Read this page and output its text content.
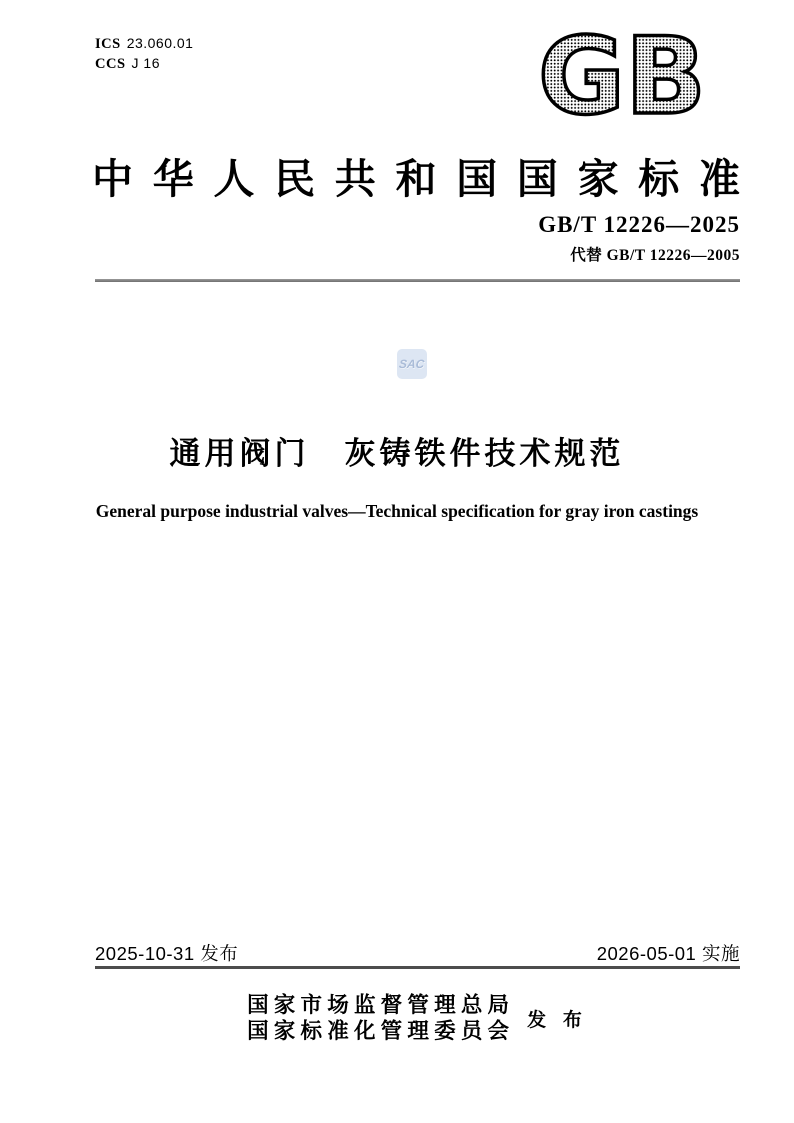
ICS 23.060.01
CCS J 16	GB
中华人民共和国国家标准
GB/T 12226—2025
代替 GB/T 12226—2005
SAC
通用阀门　灰铸铁件技术规范
General purpose industrial valves—Technical specification for gray iron castings
2025-10-31 发布	2026-05-01 实施
国家市场监督管理总局
国家标准化管理委员会 发 布
